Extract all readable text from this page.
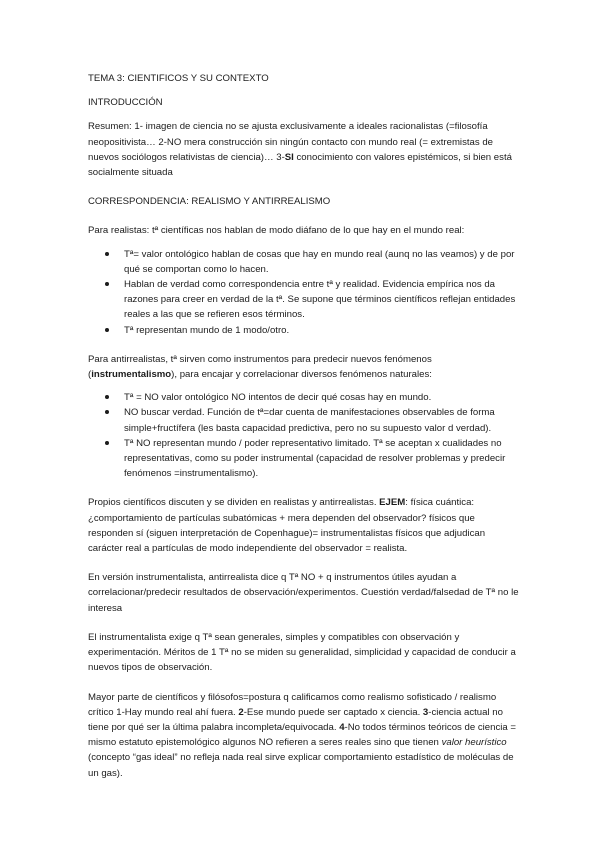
TEMA 3: CIENTIFICOS Y SU CONTEXTO

INTRODUCCIÓN

Resumen: 1- imagen de ciencia no se ajusta exclusivamente a ideales racionalistas (=filosofía neopositivista… 2-NO mera construcción sin ningún contacto con mundo real (= extremistas de nuevos sociólogos relativistas de ciencia)… 3-SI conocimiento con valores epistémicos, si bien está socialmente situada

CORRESPONDENCIA: REALISMO Y ANTIRREALISMO

Para realistas: tª científicas nos hablan de modo diáfano de lo que hay en el mundo real:

Tª= valor ontológico hablan de cosas que hay en mundo real (aunq no las veamos) y de por qué se comportan como lo hacen.
Hablan de verdad como correspondencia entre tª y realidad. Evidencia empírica nos da razones para creer en verdad de la tª. Se supone que términos científicos reflejan entidades reales a las que se refieren esos términos.
Tª representan mundo de 1 modo/otro.

Para antirrealistas, tª sirven como instrumentos para predecir nuevos fenómenos (instrumentalismo), para encajar y correlacionar diversos fenómenos naturales:

Tª = NO valor ontológico NO intentos de decir qué cosas hay en mundo.
NO buscar verdad. Función de tª=dar cuenta de manifestaciones observables de forma simple+fructífera (les basta capacidad predictiva, pero no su supuesto valor d verdad).
Tª NO representan mundo / poder representativo limitado. Tª se aceptan x cualidades no representativas, como su poder instrumental (capacidad de resolver problemas y predecir fenómenos =instrumentalismo).

Propios científicos discuten y se dividen en realistas y antirrealistas. EJEM: física cuántica: ¿comportamiento de partículas subatómicas + mera dependen del observador? físicos que responden sí (siguen interpretación de Copenhague)= instrumentalistas físicos que adjudican carácter real a partículas de modo independiente del observador = realista.

En versión instrumentalista, antirrealista dice q Tª NO + q instrumentos útiles ayudan a correlacionar/predecir resultados de observación/experimentos. Cuestión verdad/falsedad de Tª no le interesa

El instrumentalista exige q Tª sean generales, simples y compatibles con observación y experimentación. Méritos de 1 Tª no se miden su generalidad, simplicidad y capacidad de conducir a nuevos tipos de observación.

Mayor parte de científicos y filósofos=postura q calificamos como realismo sofisticado / realismo crítico 1-Hay mundo real ahí fuera. 2-Ese mundo puede ser captado x ciencia. 3-ciencia actual no tiene por qué ser la última palabra incompleta/equivocada. 4-No todos términos teóricos de ciencia = mismo estatuto epistemológico algunos NO refieren a seres reales sino que tienen valor heurístico (concepto “gas ideal” no refleja nada real sirve explicar comportamiento estadístico de moléculas de un gas).
